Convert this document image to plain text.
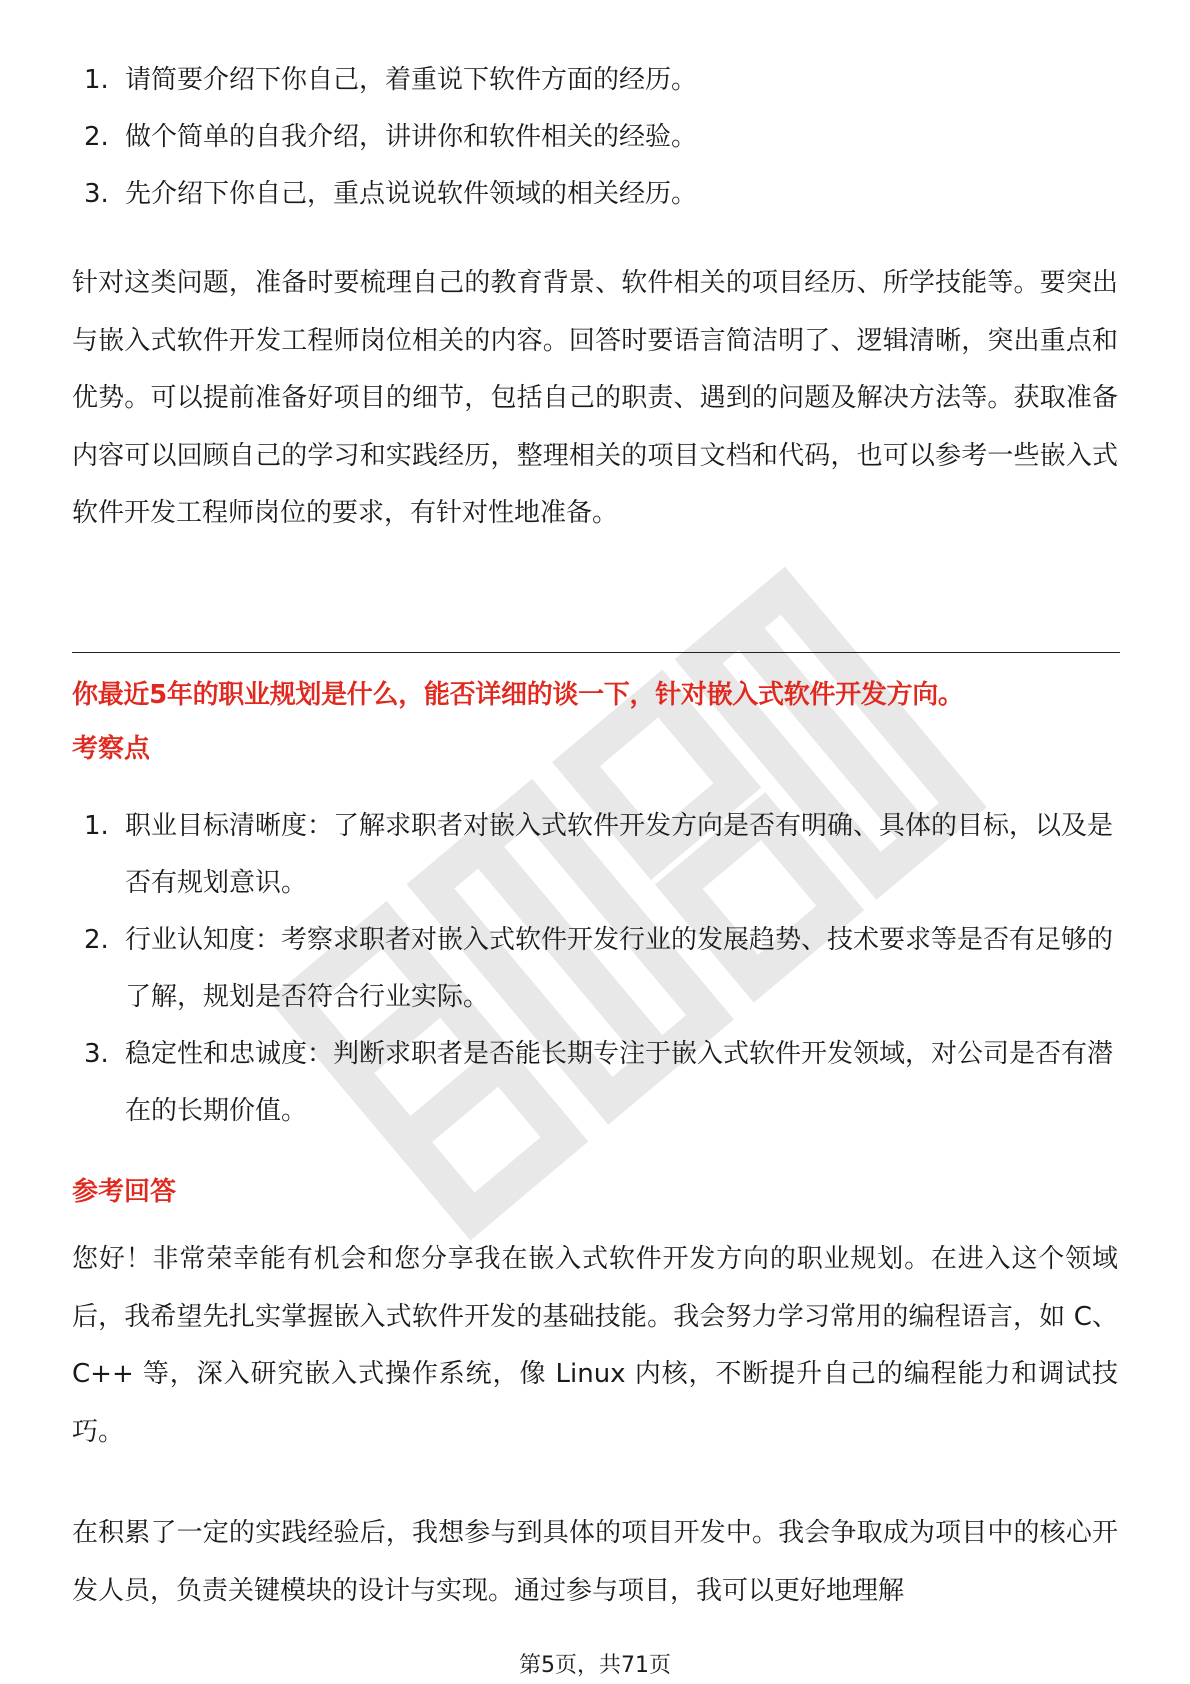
1. 请简要介绍下你自己，着重说下软件方面的经历。
2. 做个简单的自我介绍，讲讲你和软件相关的经验。
3. 先介绍下你自己，重点说说软件领域的相关经历。

针对这类问题，准备时要梳理自己的教育背景、软件相关的项目经历、所学技能等。要突出与嵌入式软件开发工程师岗位相关的内容。回答时要语言简洁明了、逻辑清晰，突出重点和优势。可以提前准备好项目的细节，包括自己的职责、遇到的问题及解决方法等。获取准备内容可以回顾自己的学习和实践经历，整理相关的项目文档和代码，也可以参考一些嵌入式软件开发工程师岗位的要求，有针对性地准备。

你最近5年的职业规划是什么，能否详细的谈一下，针对嵌入式软件开发方向。

考察点

1. 职业目标清晰度：了解求职者对嵌入式软件开发方向是否有明确、具体的目标，以及是否有规划意识。
2. 行业认知度：考察求职者对嵌入式软件开发行业的发展趋势、技术要求等是否有足够的了解，规划是否符合行业实际。
3. 稳定性和忠诚度：判断求职者是否能长期专注于嵌入式软件开发领域，对公司是否有潜在的长期价值。

参考回答

您好！非常荣幸能有机会和您分享我在嵌入式软件开发方向的职业规划。在进入这个领域后，我希望先扎实掌握嵌入式软件开发的基础技能。我会努力学习常用的编程语言，如 C、C++ 等，深入研究嵌入式操作系统，像 Linux 内核，不断提升自己的编程能力和调试技巧。

在积累了一定的实践经验后，我想参与到具体的项目开发中。我会争取成为项目中的核心开发人员，负责关键模块的设计与实现。通过参与项目，我可以更好地理解

第5页，共71页
